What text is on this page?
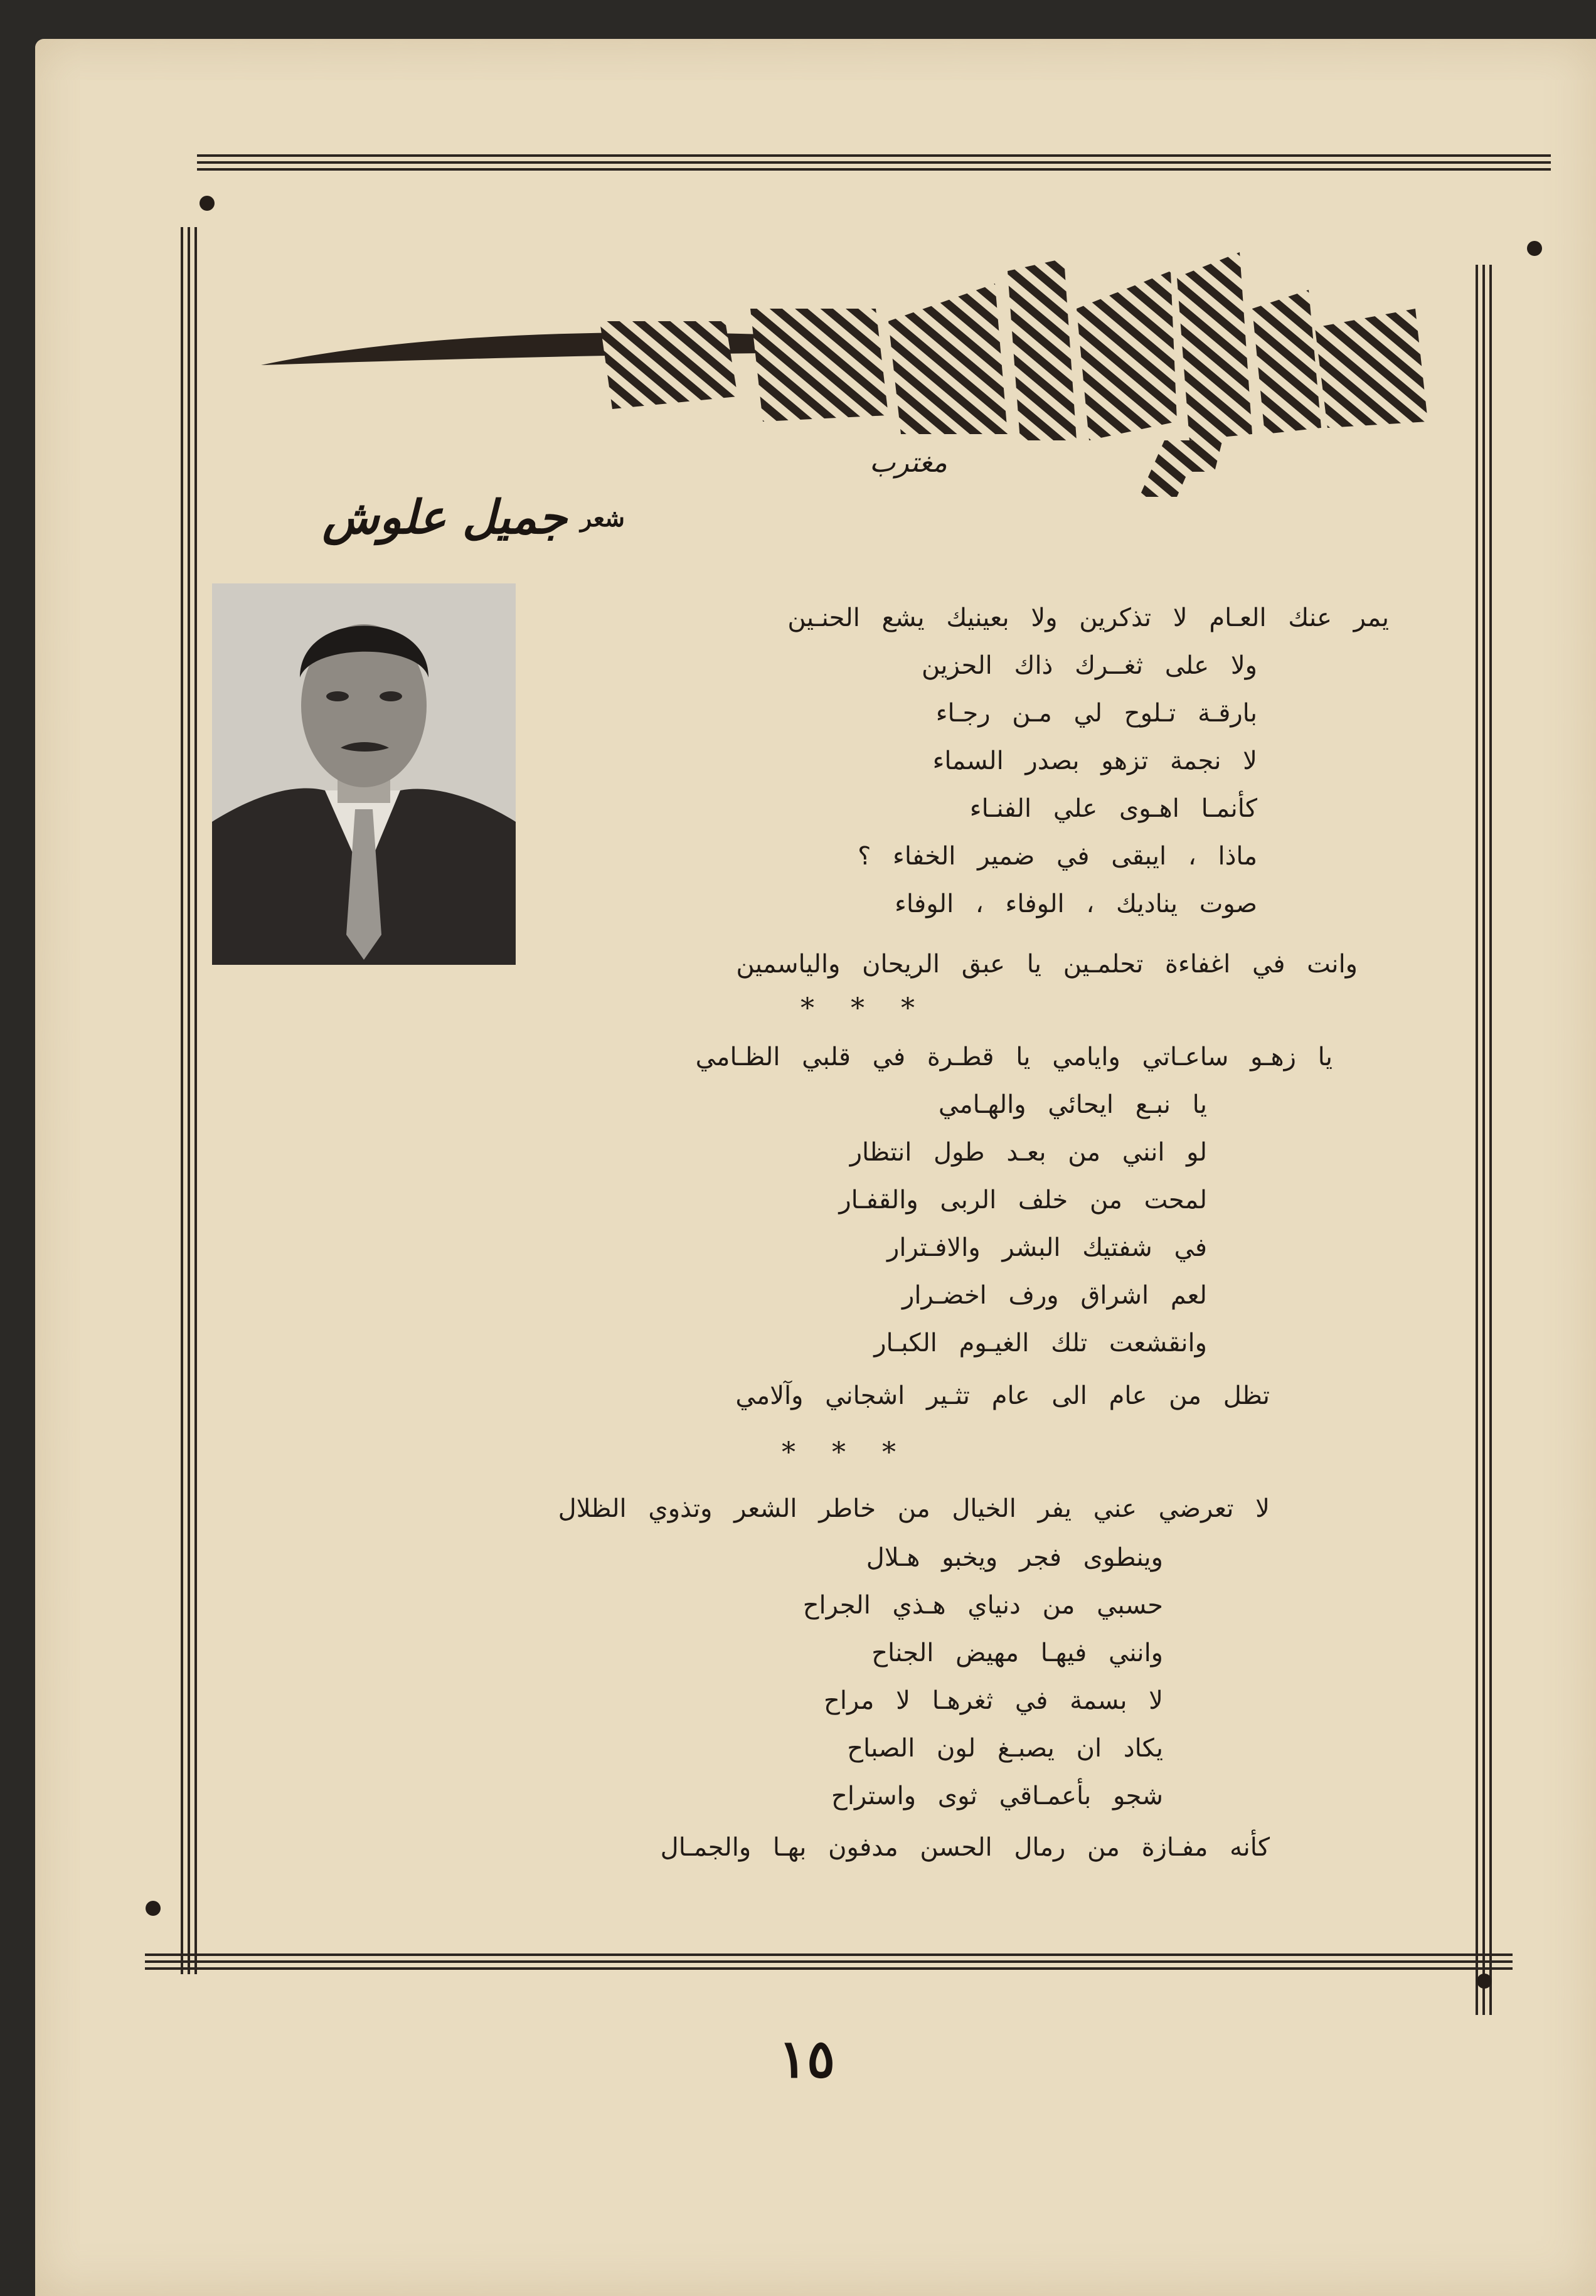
مغترب
شعر جميل علوش
يمر عنك العـام لا تذكرين ولا بعينيك يشع الحنـين
ولا على ثغــرك ذاك الحزين
بارقـة تـلوح لي مـن رجـاء
لا نجمة تزهو بصدر السماء
كأنمـا اهـوى علي الفنـاء
ماذا ، ايبقى في ضمير الخفاء ؟
صوت يناديك ، الوفاء ، الوفاء
وانت في اغفاءة تحلمـين يا عبق الريحان والياسمين
* * *
يا زهـو ساعـاتي وايامي يا قطـرة في قلبي الظـامي
يا نبـع ايحائي والهـامي
لو انني من بعـد طول انتظار
لمحت من خلف الربى والقفـار
في شفتيك البشر والافـترار
لعم اشراق ورف اخضـرار
وانقشعت تلك الغيـوم الكبـار
تظل من عام الى عام تثـير اشجاني وآلامي
* * *
لا تعرضي عني يفر الخيال من خاطر الشعر وتذوي الظلال
وينطوى فجر ويخبو هـلال
حسبي من دنياي هـذي الجراح
وانني فيهـا مهيض الجناح
لا بسمة في ثغرهـا لا مراح
يكاد ان يصبـغ لون الصباح
شجو بأعمـاقي ثوى واستراح
كأنه مفـازة من رمال الحسن مدفون بهـا والجمـال
١٥
